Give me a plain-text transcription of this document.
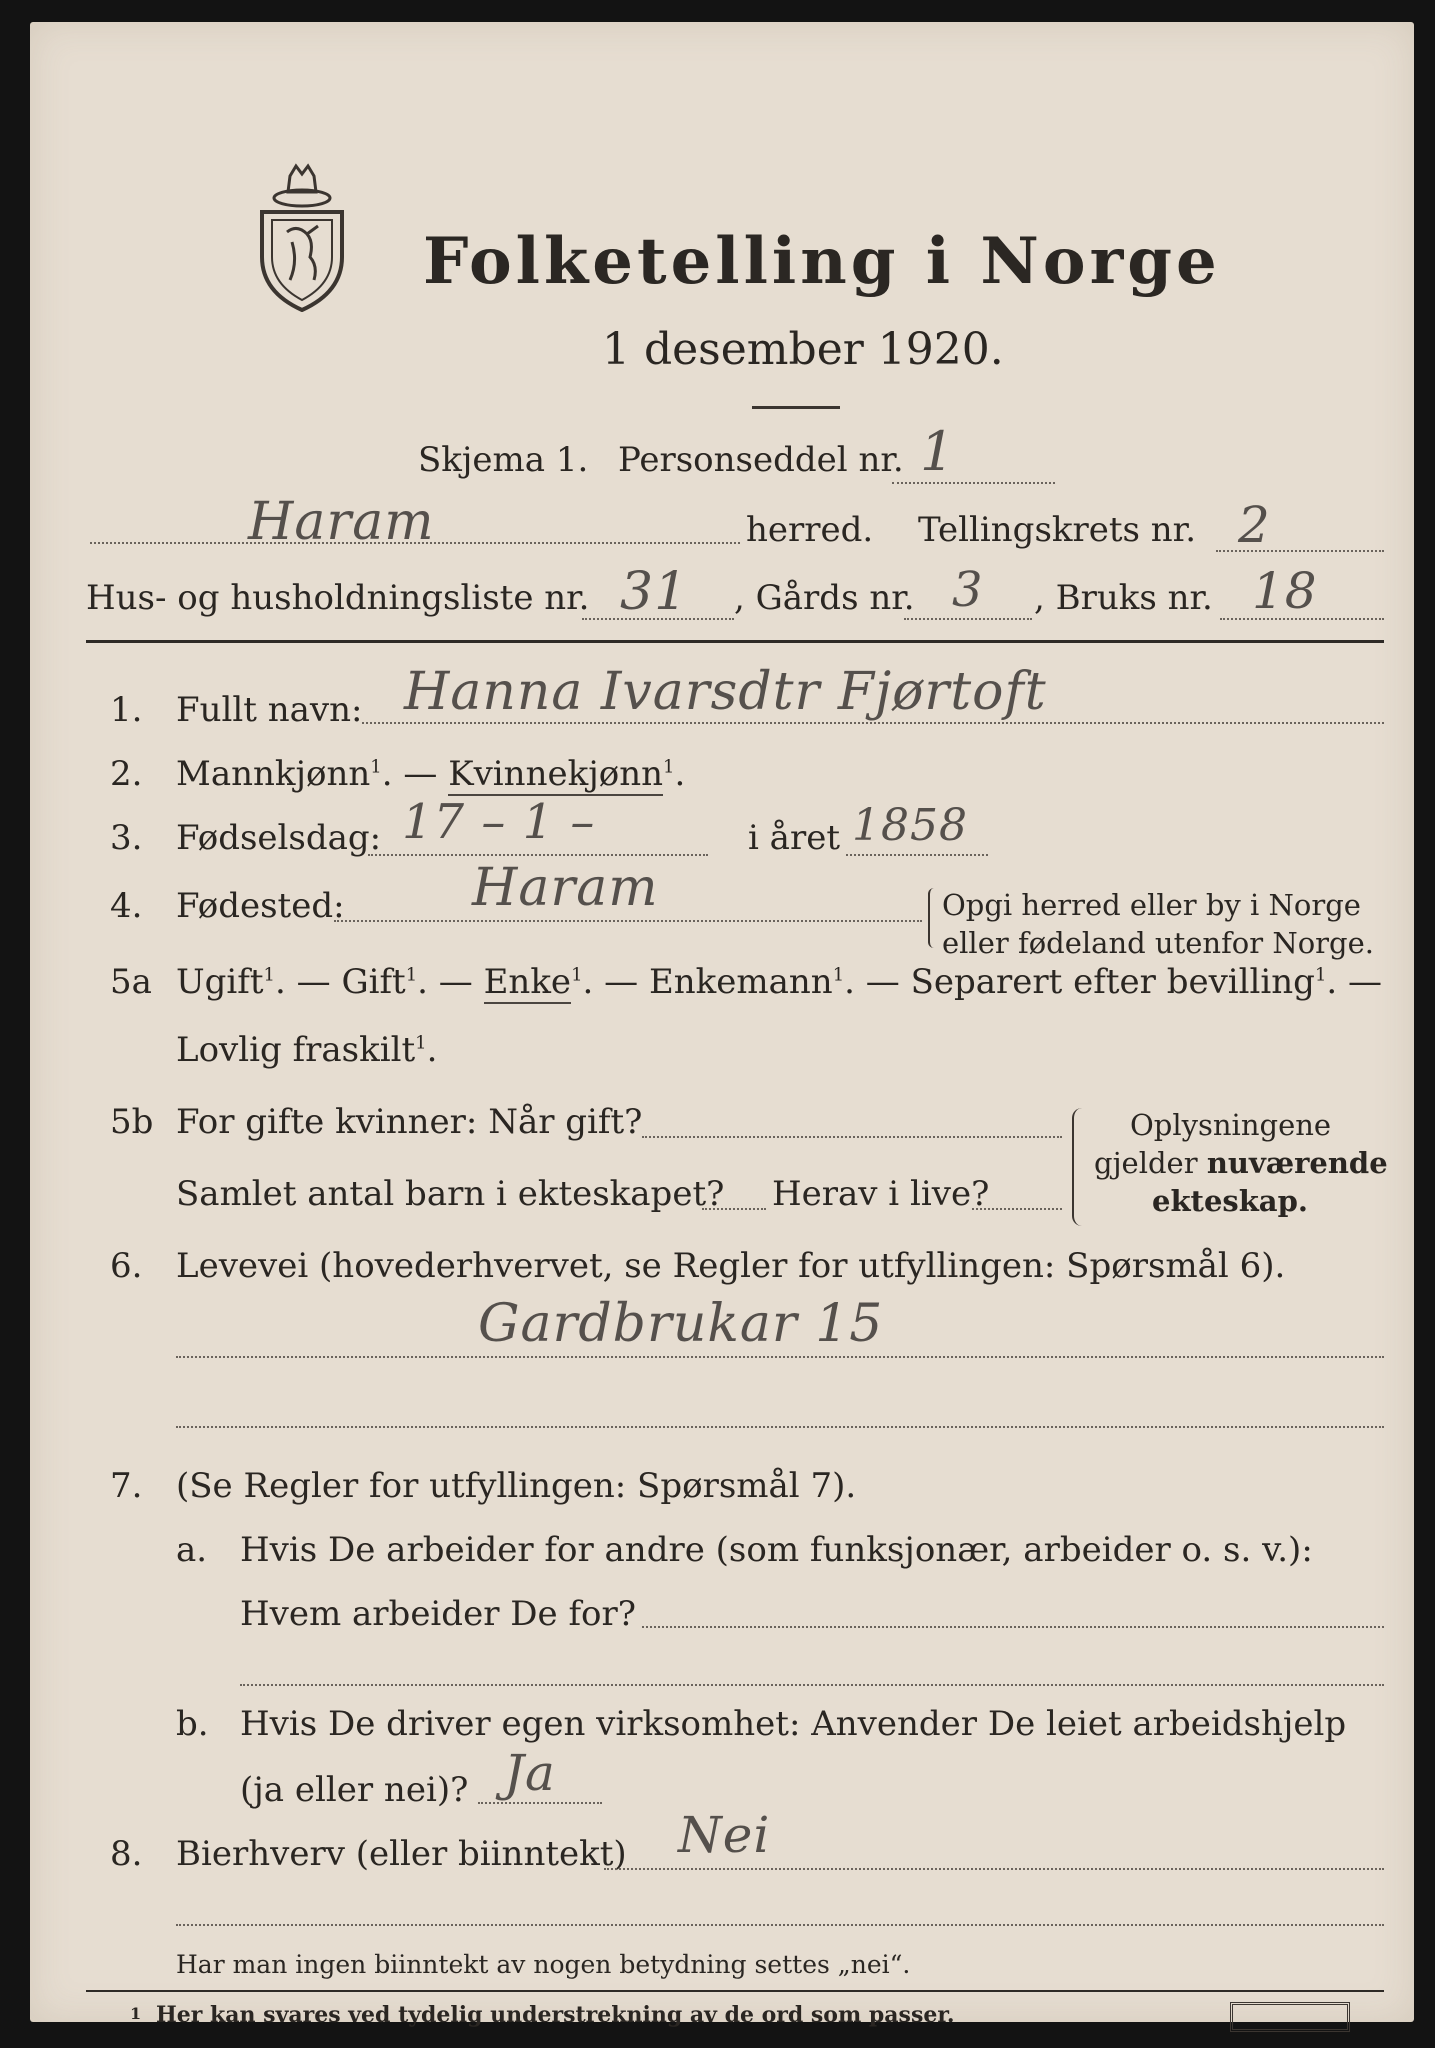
Folketelling i Norge
1 desember 1920.
Skjema 1. Personseddel nr. 1
Haram	herred. Tellingskrets nr. 2
Hus- og husholdningsliste nr. 31 , Gårds nr. 3 , Bruks nr. 18
1. Fullt navn: Hanna Ivarsdtr Fjørtoft
2. Mannkjønn$^1$. — Kvinnekjønn$^1$.
3. Fødselsdag: 17 – 1 –	i året 1858
4. Fødested: Haram	Opgi herred eller by i Norge
eller fødeland utenfor Norge.
5a Ugift$^1$. — Gift$^1$. — Enke$^1$. — Enkemann$^1$. — Separert efter bevilling$^1$. —
Lovlig fraskilt$^1$.
5b For gifte kvinner: Når gift?
Samlet antal barn i ekteskapet? Herav i live?
Oplysningene
gjelder nuværende
ekteskap.
6. Levevei (hovederhvervet, se Regler for utfyllingen: Spørsmål 6).
Gardbrukar 15
7. (Se Regler for utfyllingen: Spørsmål 7).
a. Hvis De arbeider for andre (som funksjonær, arbeider o. s. v.):
Hvem arbeider De for?
b. Hvis De driver egen virksomhet: Anvender De leiet arbeidshjelp
(ja eller nei)? Ja
8. Bierhverv (eller biinntekt) Nei
Har man ingen biinntekt av nogen betydning settes „nei“.
1 Her kan svares ved tydelig understrekning av de ord som passer.
